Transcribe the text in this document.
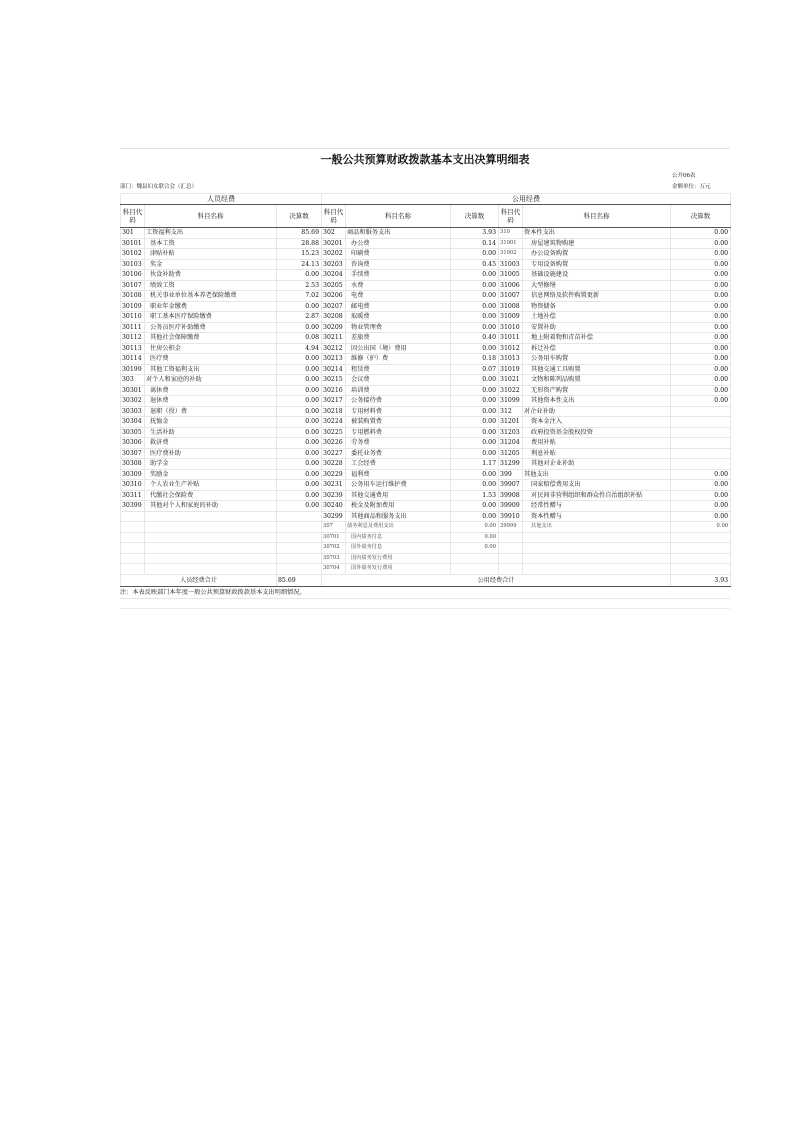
一般公共预算财政拨款基本支出决算明细表
公开06表
部门：魏县妇女联合会（汇总）	金额单位：万元
人员经费			公用经费					
科目代码	科目名称	决算数	科目代码	科目名称	决算数	科目代码	科目名称	决算数
301	工资福利支出	85.69	302	商品和服务支出	3.93	310	资本性支出	0.00
30101	基本工资	28.88	30201	办公费	0.14	31001	房屋建筑物购建	0.00
30102	津贴补贴	15.23	30202	印刷费	0.00	31002	办公设备购置	0.00
30103	奖金	24.13	30203	咨询费	0.45	31003	专用设备购置	0.00
30106	伙食补助费	0.00	30204	手续费	0.00	31005	基础设施建设	0.00
30107	绩效工资	2.53	30205	水费	0.00	31006	大型修缮	0.00
30108	机关事业单位基本养老保险缴费	7.02	30206	电费	0.00	31007	信息网络及软件购置更新	0.00
30109	职业年金缴费	0.00	30207	邮电费	0.00	31008	物资储备	0.00
30110	职工基本医疗保险缴费	2.87	30208	取暖费	0.00	31009	土地补偿	0.00
30111	公务员医疗补助缴费	0.00	30209	物业管理费	0.00	31010	安置补助	0.00
30112	其他社会保障缴费	0.08	30211	差旅费	0.40	31011	地上附着物和青苗补偿	0.00
30113	住房公积金	4.94	30212	因公出国（境）费用	0.00	31012	拆迁补偿	0.00
30114	医疗费	0.00	30213	维修（护）费	0.18	31013	公务用车购置	0.00
30199	其他工资福利支出	0.00	30214	租赁费	0.07	31019	其他交通工具购置	0.00
303	对个人和家庭的补助	0.00	30215	会议费	0.00	31021	文物和陈列品购置	0.00
30301	离休费	0.00	30216	培训费	0.00	31022	无形资产购置	0.00
30302	退休费	0.00	30217	公务接待费	0.00	31099	其他资本性支出	0.00
30303	退职（役）费	0.00	30218	专用材料费	0.00	312	对企业补助	
30304	抚恤金	0.00	30224	被装购置费	0.00	31201	资本金注入	
30305	生活补助	0.00	30225	专用燃料费	0.00	31203	政府投资基金股权投资	
30306	救济费	0.00	30226	劳务费	0.00	31204	费用补贴	
30307	医疗费补助	0.00	30227	委托业务费	0.00	31205	利息补贴	
30308	助学金	0.00	30228	工会经费	1.17	31299	其他对企业补助	
30309	奖励金	0.00	30229	福利费	0.00	399	其他支出	0.00
30310	个人农业生产补贴	0.00	30231	公务用车运行维护费	0.00	39907	国家赔偿费用支出	0.00
30311	代缴社会保险费	0.00	30239	其他交通费用	1.53	39908	对民间非营利组织和群众性自治组织补贴	0.00
30399	其他对个人和家庭的补助	0.00	30240	税金及附加费用	0.00	39909	经常性赠与	0.00
			30299	其他商品和服务支出	0.00	39910	资本性赠与	0.00
			307	债务利息及费用支出	0.00	39999	其他支出	0.00
			30701	国内债务付息	0.00			
			30702	国外债务付息	0.00			
			30703	国内债务发行费用				
			30704	国外债务发行费用				
人员经费合计		85.69	公用经费合计					3.93
注：本表反映部门本年度一般公共预算财政拨款基本支出明细情况。
